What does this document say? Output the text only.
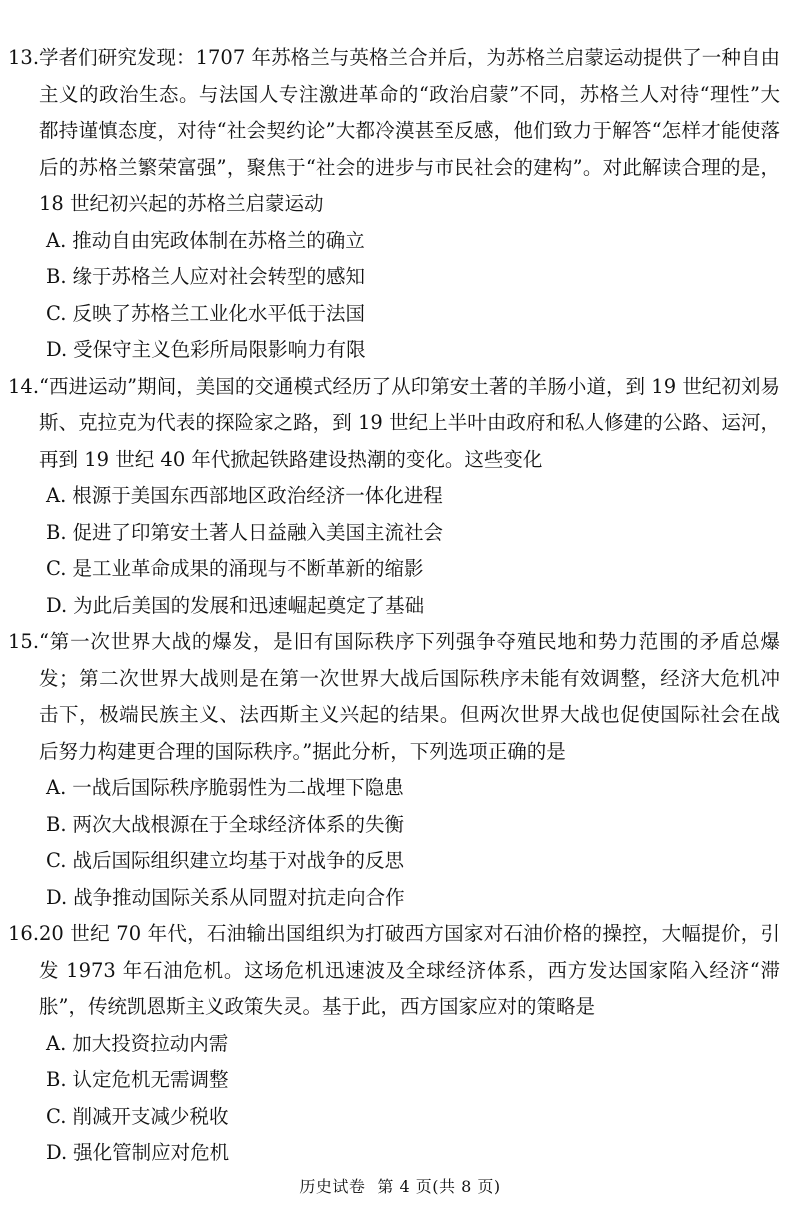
13. 学者们研究发现：1707 年苏格兰与英格兰合并后，为苏格兰启蒙运动提供了一种自由主义的政治生态。与法国人专注激进革命的“政治启蒙”不同，苏格兰人对待“理性”大都持谨慎态度，对待“社会契约论”大都冷漠甚至反感，他们致力于解答“怎样才能使落后的苏格兰繁荣富强”，聚焦于“社会的进步与市民社会的建构”。对此解读合理的是，18 世纪初兴起的苏格兰启蒙运动
A. 推动自由宪政体制在苏格兰的确立
B. 缘于苏格兰人应对社会转型的感知
C. 反映了苏格兰工业化水平低于法国
D. 受保守主义色彩所局限影响力有限
14. “西进运动”期间，美国的交通模式经历了从印第安土著的羊肠小道，到 19 世纪初刘易斯、克拉克为代表的探险家之路，到 19 世纪上半叶由政府和私人修建的公路、运河，再到 19 世纪 40 年代掀起铁路建设热潮的变化。这些变化
A. 根源于美国东西部地区政治经济一体化进程
B. 促进了印第安土著人日益融入美国主流社会
C. 是工业革命成果的涌现与不断革新的缩影
D. 为此后美国的发展和迅速崛起奠定了基础
15. “第一次世界大战的爆发，是旧有国际秩序下列强争夺殖民地和势力范围的矛盾总爆发；第二次世界大战则是在第一次世界大战后国际秩序未能有效调整，经济大危机冲击下，极端民族主义、法西斯主义兴起的结果。但两次世界大战也促使国际社会在战后努力构建更合理的国际秩序。”据此分析，下列选项正确的是
A. 一战后国际秩序脆弱性为二战埋下隐患
B. 两次大战根源在于全球经济体系的失衡
C. 战后国际组织建立均基于对战争的反思
D. 战争推动国际关系从同盟对抗走向合作
16. 20 世纪 70 年代，石油输出国组织为打破西方国家对石油价格的操控，大幅提价，引发 1973 年石油危机。这场危机迅速波及全球经济体系，西方发达国家陷入经济“滞胀”，传统凯恩斯主义政策失灵。基于此，西方国家应对的策略是
A. 加大投资拉动内需
B. 认定危机无需调整
C. 削减开支减少税收
D. 强化管制应对危机
历史试卷 第 4 页(共 8 页)
